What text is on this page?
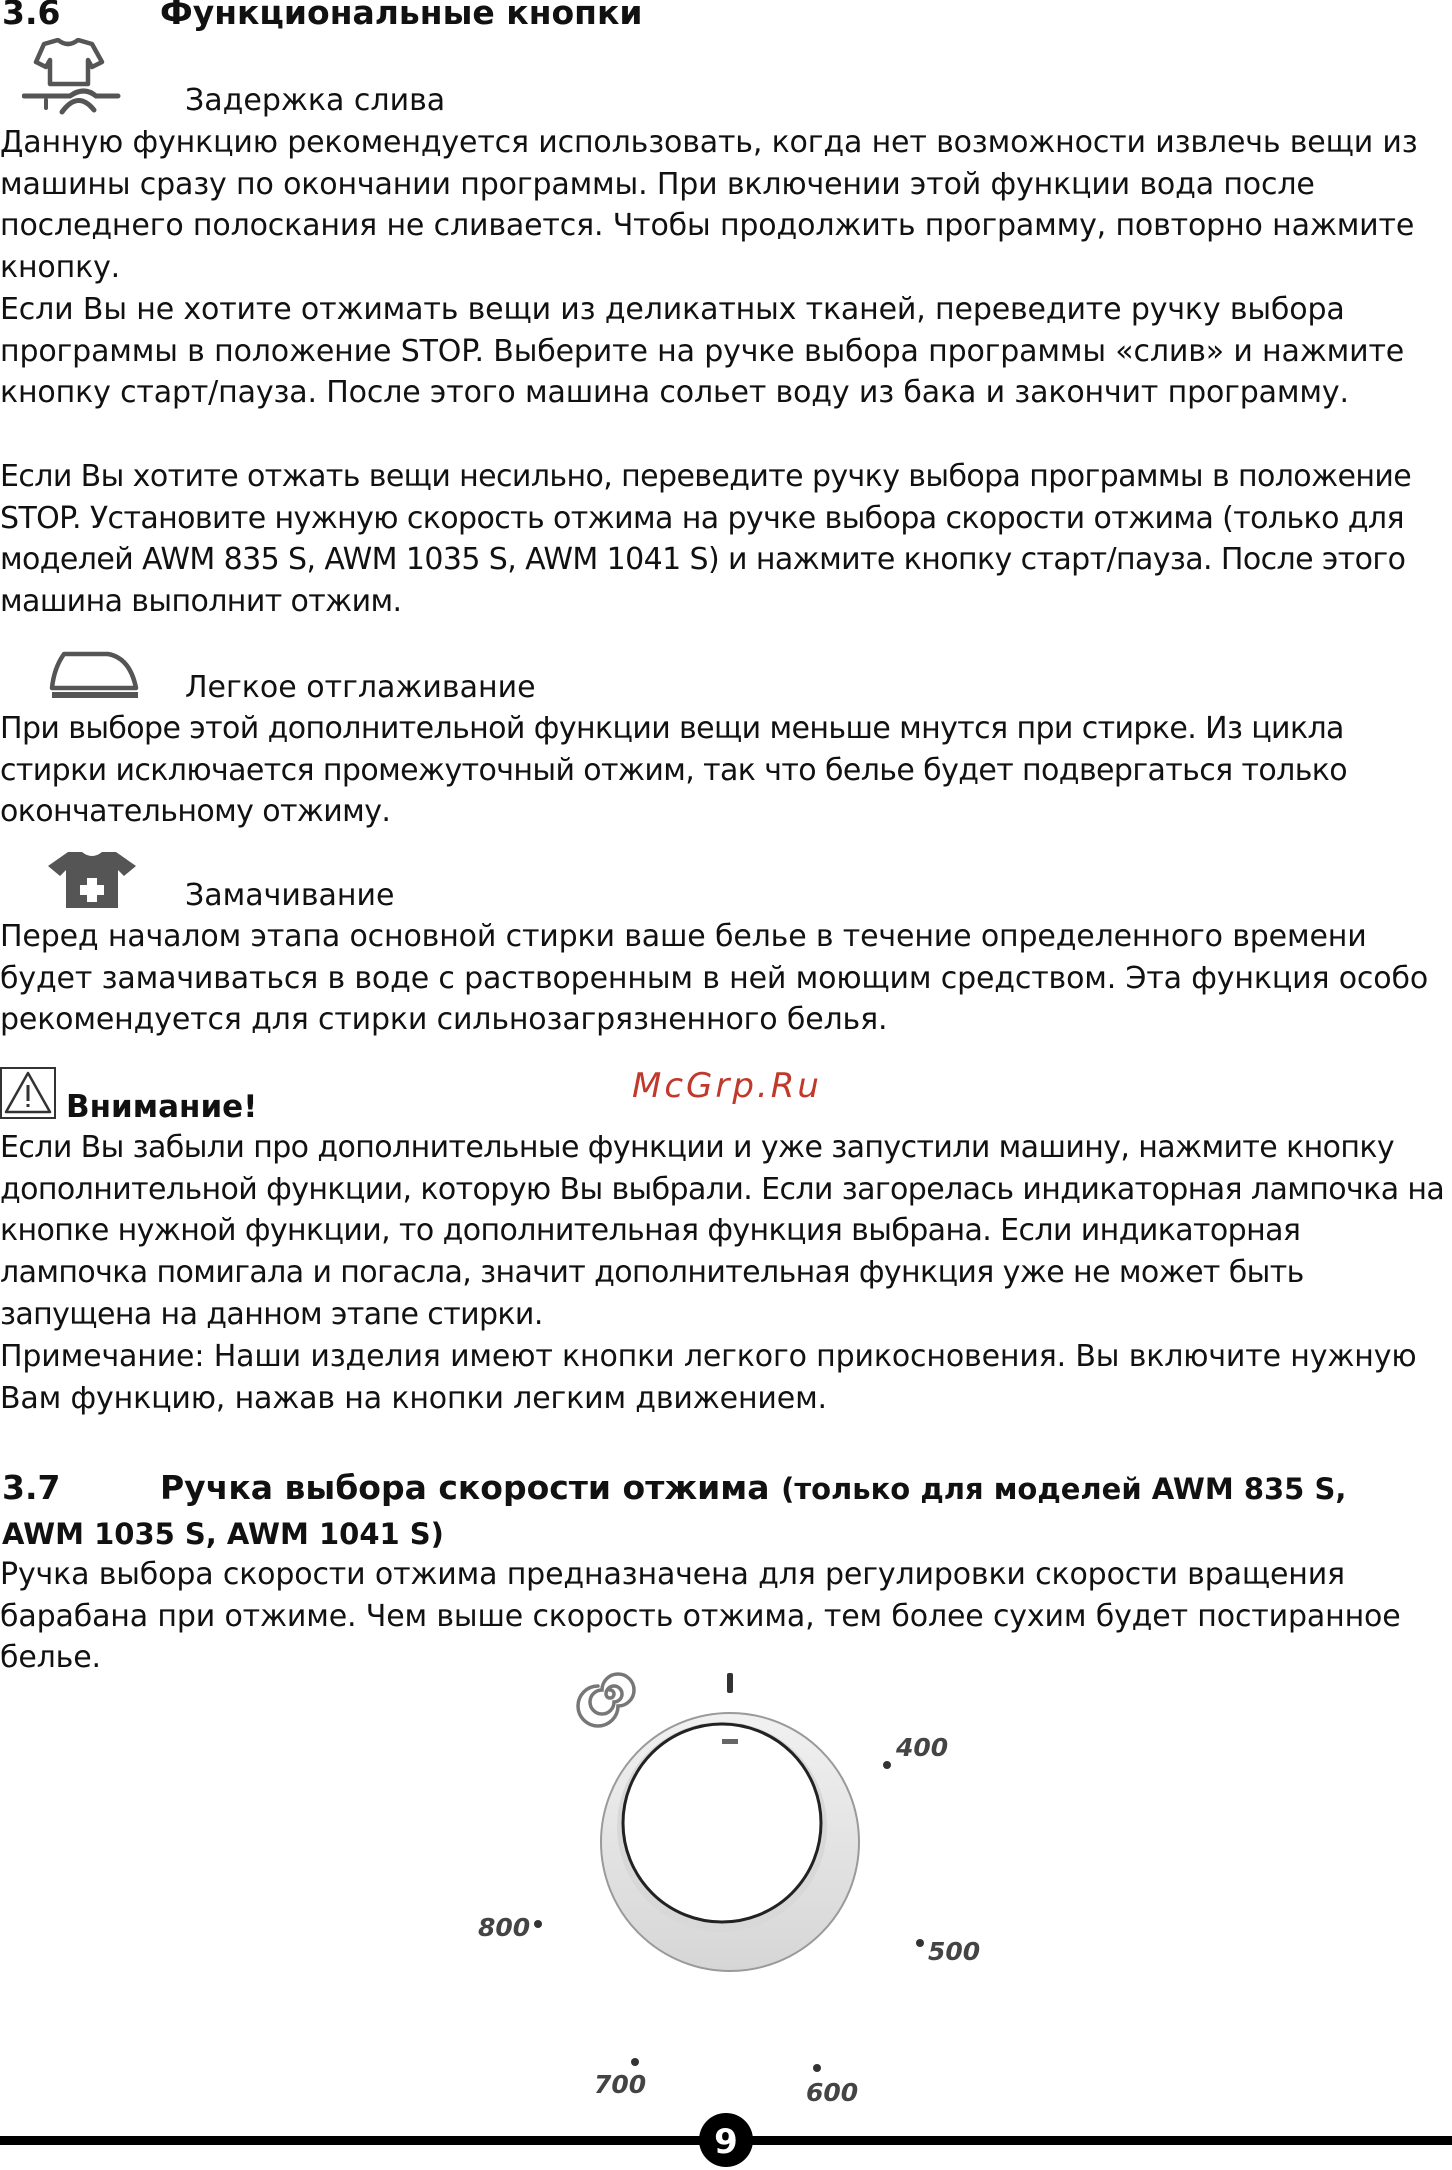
3.6	Функциональные кнопки
Задержка слива
Данную функцию рекомендуется использовать, когда нет возможности извлечь вещи из машины сразу по окончании программы. При включении этой функции вода после последнего полоскания не сливается. Чтобы продолжить программу, повторно нажмите кнопку.
Если Вы не хотите отжимать вещи из деликатных тканей, переведите ручку выбора программы в положение STOP. Выберите на ручке выбора программы «слив» и нажмите кнопку старт/пауза. После этого машина сольет воду из бака и закончит программу.
Если Вы хотите отжать вещи несильно, переведите ручку выбора программы в положение STOP. Установите нужную скорость отжима на ручке выбора скорости отжима (только для моделей AWM 835 S, AWM 1035 S, AWM 1041 S) и нажмите кнопку старт/пауза. После этого машина выполнит отжим.
Легкое отглаживание
При выборе этой дополнительной функции вещи меньше мнутся при стирке. Из цикла стирки исключается промежуточный отжим, так что белье будет подвергаться только окончательному отжиму.
Замачивание
Перед началом этапа основной стирки ваше белье в течение определенного времени будет замачиваться в воде с растворенным в ней моющим средством. Эта функция особо рекомендуется для стирки сильнозагрязненного белья.
Внимание!
McGrp.Ru
Если Вы забыли про дополнительные функции и уже запустили машину, нажмите кнопку дополнительной функции, которую Вы выбрали. Если загорелась индикаторная лампочка на кнопке нужной функции, то дополнительная функция выбрана. Если индикаторная лампочка помигала и погасла, значит дополнительная функция уже не может быть запущена на данном этапе стирки.
Примечание: Наши изделия имеют кнопки легкого прикосновения. Вы включите нужную Вам функцию, нажав на кнопки легким движением.
3.7	Ручка выбора скорости отжима (только для моделей AWM 835 S,
AWM 1035 S, AWM 1041 S)
Ручка выбора скорости отжима предназначена для регулировки скорости вращения барабана при отжиме. Чем выше скорость отжима, тем более сухим будет постиранное белье.
400
500
600
700
800
9
